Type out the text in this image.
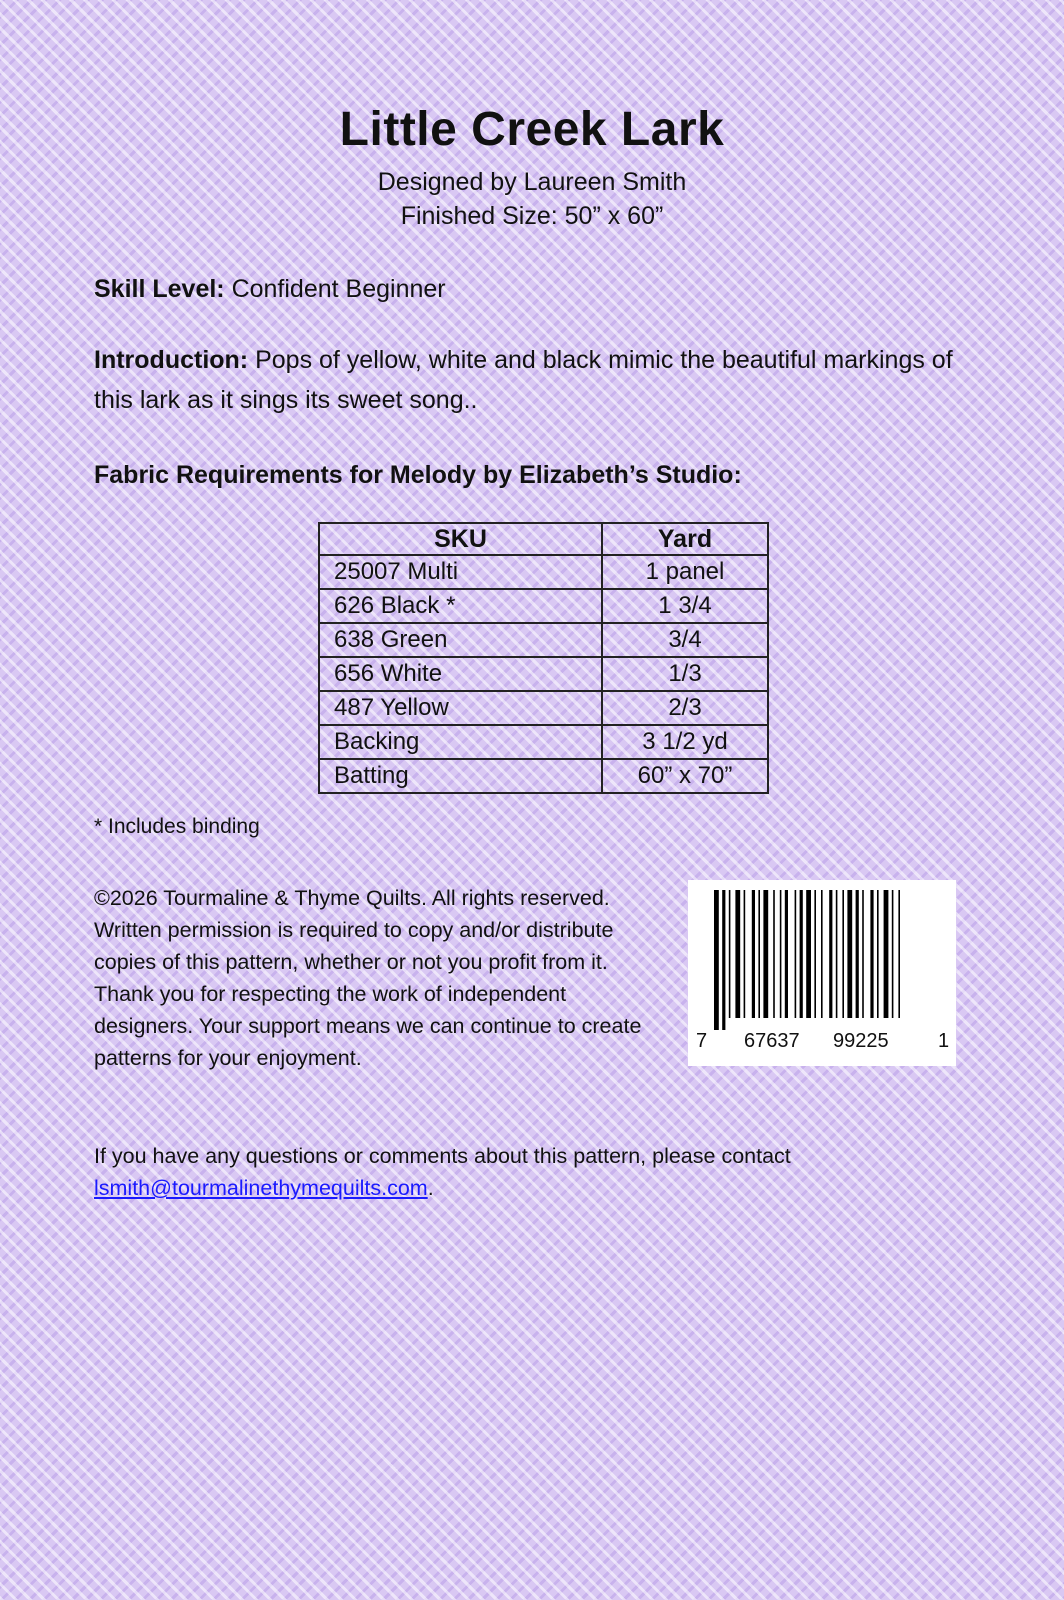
Little Creek Lark
Designed by Laureen Smith
Finished Size: 50” x 60”
Skill Level: Confident Beginner
Introduction: Pops of yellow, white and black mimic the beautiful markings of this lark as it sings its sweet song..
Fabric Requirements for Melody by Elizabeth’s Studio:
SKU	Yard
25007 Multi	1 panel
626 Black *	1 3/4
638 Green	3/4
656 White	1/3
487 Yellow	2/3
Backing	3 1/2 yd
Batting	60” x 70”
* Includes binding
©2026 Tourmaline & Thyme Quilts. All rights reserved. Written permission is required to copy and/or distribute copies of this pattern, whether or not you profit from it. Thank you for respecting the work of independent designers. Your support means we can continue to create patterns for your enjoyment.
7 67637 99225 1
If you have any questions or comments about this pattern, please contact
lsmith@tourmalinethymequilts.com.
